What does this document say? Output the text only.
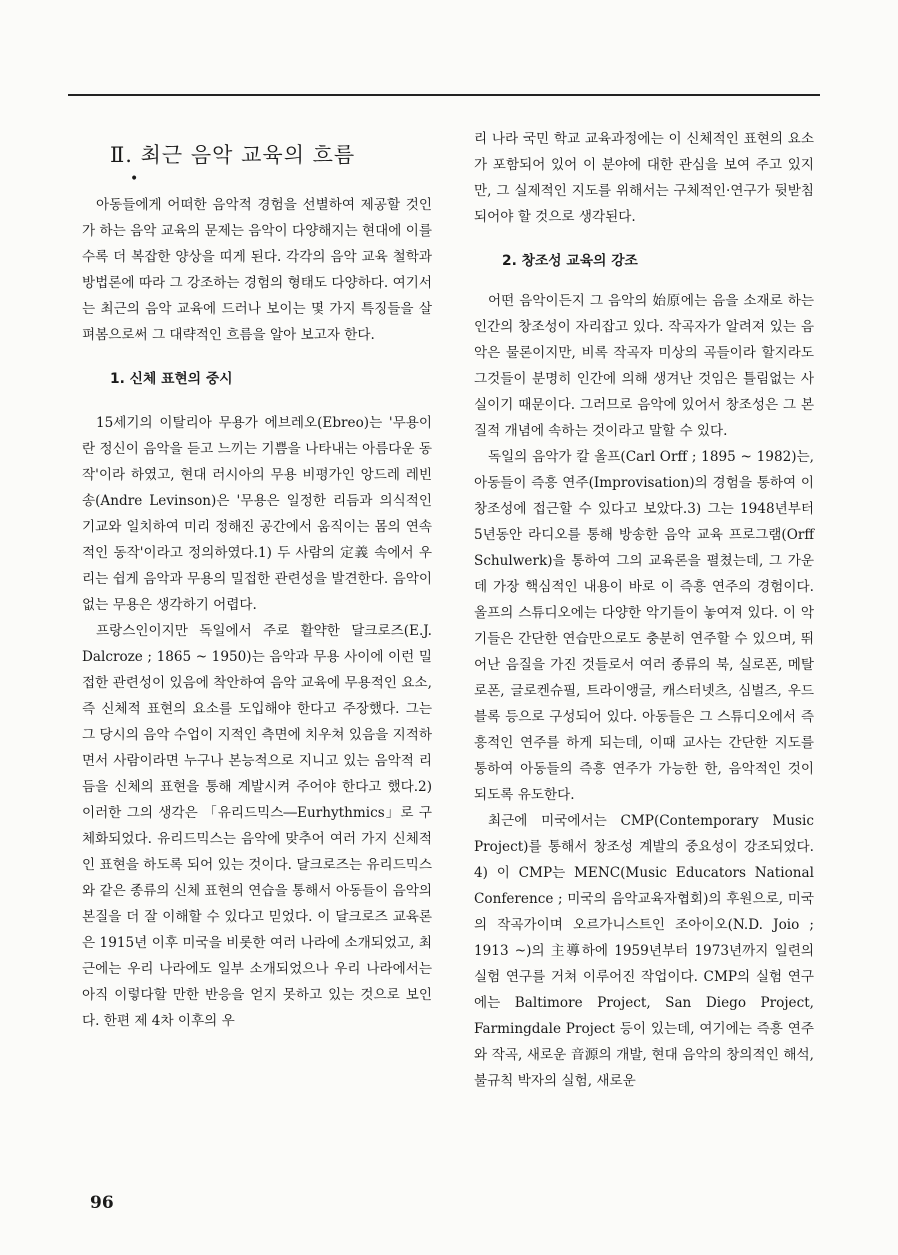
Ⅱ. 최근 음악 교육의 흐름
•

아동들에게 어떠한 음악적 경험을 선별하여 제공할 것인가 하는 음악 교육의 문제는 음악이 다양해지는 현대에 이를수록 더 복잡한 양상을 띠게 된다. 각각의 음악 교육 철학과 방법론에 따라 그 강조하는 경험의 형태도 다양하다. 여기서는 최근의 음악 교육에 드러나 보이는 몇 가지 특징들을 살펴봄으로써 그 대략적인 흐름을 알아 보고자 한다.

1. 신체 표현의 중시

15세기의 이탈리아 무용가 에브레오(Ebreo)는 '무용이란 정신이 음악을 듣고 느끼는 기쁨을 나타내는 아름다운 동작'이라 하였고, 현대 러시아의 무용 비평가인 앙드레 레빈송(Andre Levinson)은 '무용은 일정한 리듬과 의식적인 기교와 일치하여 미리 정해진 공간에서 움직이는 몸의 연속적인 동작'이라고 정의하였다.1) 두 사람의 定義 속에서 우리는 쉽게 음악과 무용의 밀접한 관련성을 발견한다. 음악이 없는 무용은 생각하기 어렵다.

프랑스인이지만 독일에서 주로 활약한 달크로즈(E.J. Dalcroze ; 1865 ~ 1950)는 음악과 무용 사이에 이런 밀접한 관련성이 있음에 착안하여 음악 교육에 무용적인 요소, 즉 신체적 표현의 요소를 도입해야 한다고 주장했다. 그는 그 당시의 음악 수업이 지적인 측면에 치우쳐 있음을 지적하면서 사람이라면 누구나 본능적으로 지니고 있는 음악적 리듬을 신체의 표현을 통해 계발시켜 주어야 한다고 했다.2) 이러한 그의 생각은 「유리드믹스―Eurhythmics」로 구체화되었다. 유리드믹스는 음악에 맞추어 여러 가지 신체적인 표현을 하도록 되어 있는 것이다. 달크로즈는 유리드믹스와 같은 종류의 신체 표현의 연습을 통해서 아동들이 음악의 본질을 더 잘 이해할 수 있다고 믿었다. 이 달크로즈 교육론은 1915년 이후 미국을 비롯한 여러 나라에 소개되었고, 최근에는 우리 나라에도 일부 소개되었으나 우리 나라에서는 아직 이렇다할 만한 반응을 얻지 못하고 있는 것으로 보인다. 한편 제 4차 이후의 우

리 나라 국민 학교 교육과정에는 이 신체적인 표현의 요소가 포함되어 있어 이 분야에 대한 관심을 보여 주고 있지만, 그 실제적인 지도를 위해서는 구체적인·연구가 뒷받침되어야 할 것으로 생각된다.

2. 창조성 교육의 강조

어떤 음악이든지 그 음악의 始原에는 음을 소재로 하는 인간의 창조성이 자리잡고 있다. 작곡자가 알려져 있는 음악은 물론이지만, 비록 작곡자 미상의 곡들이라 할지라도 그것들이 분명히 인간에 의해 생겨난 것임은 틀림없는 사실이기 때문이다. 그러므로 음악에 있어서 창조성은 그 본질적 개념에 속하는 것이라고 말할 수 있다.

독일의 음악가 칼 올프(Carl Orff ; 1895 ~ 1982)는, 아동들이 즉흥 연주(Improvisation)의 경험을 통하여 이 창조성에 접근할 수 있다고 보았다.3) 그는 1948년부터 5년동안 라디오를 통해 방송한 음악 교육 프로그램(Orff Schulwerk)을 통하여 그의 교육론을 펼쳤는데, 그 가운데 가장 핵심적인 내용이 바로 이 즉흥 연주의 경험이다. 올프의 스튜디오에는 다양한 악기들이 놓여져 있다. 이 악기들은 간단한 연습만으로도 충분히 연주할 수 있으며, 뛰어난 음질을 가진 것들로서 여러 종류의 북, 실로폰, 메탈로폰, 글로켄슈필, 트라이앵글, 캐스터넷츠, 심벌즈, 우드블록 등으로 구성되어 있다. 아동들은 그 스튜디오에서 즉흥적인 연주를 하게 되는데, 이때 교사는 간단한 지도를 통하여 아동들의 즉흥 연주가 가능한 한, 음악적인 것이 되도록 유도한다.

최근에 미국에서는 CMP(Contemporary Music Project)를 통해서 창조성 계발의 중요성이 강조되었다. 4) 이 CMP는 MENC(Music Educators National Conference ; 미국의 음악교육자협회)의 후원으로, 미국의 작곡가이며 오르가니스트인 조아이오(N.D. Joio ; 1913 ~)의 主導하에 1959년부터 1973년까지 일련의 실험 연구를 거쳐 이루어진 작업이다. CMP의 실험 연구에는 Baltimore Project, San Diego Project, Farmingdale Project 등이 있는데, 여기에는 즉흥 연주와 작곡, 새로운 音源의 개발, 현대 음악의 창의적인 해석, 불규칙 박자의 실험, 새로운

96
